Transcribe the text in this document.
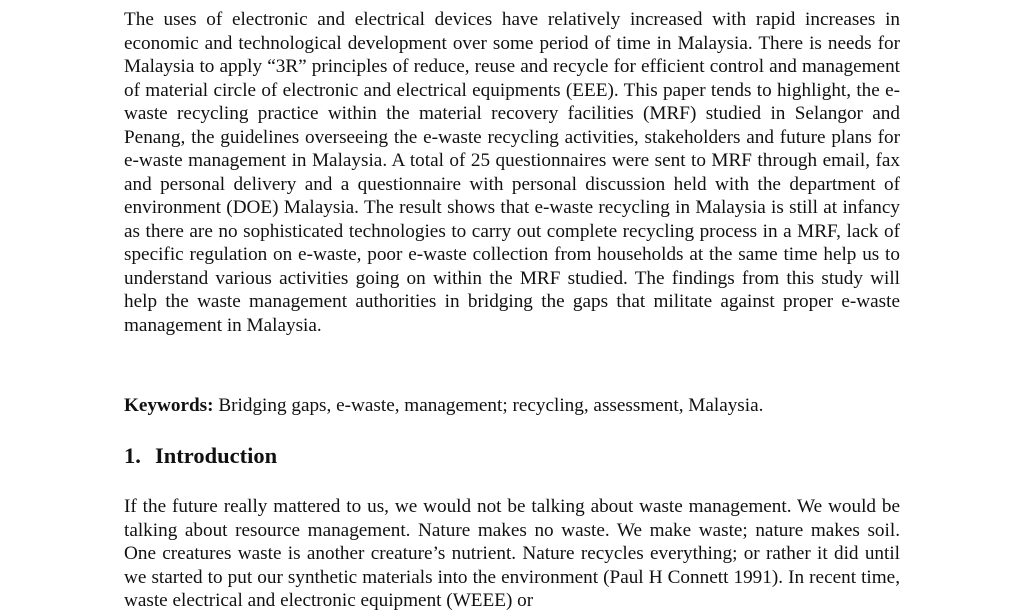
The uses of electronic and electrical devices have relatively increased with rapid increases in economic and technological development over some period of time in Malaysia. There is needs for Malaysia to apply “3R” principles of reduce, reuse and recycle for efficient control and management of material circle of electronic and electrical equipments (EEE). This paper tends to highlight, the e-waste recycling practice within the material recovery facilities (MRF) studied in Selangor and Penang, the guidelines overseeing the e-waste recycling activities, stakeholders and future plans for e-waste management in Malaysia. A total of 25 questionnaires were sent to MRF through email, fax and personal delivery and a questionnaire with personal discussion held with the department of environment (DOE) Malaysia. The result shows that e-waste recycling in Malaysia is still at infancy as there are no sophisticated technologies to carry out complete recycling process in a MRF, lack of specific regulation on e-waste, poor e-waste collection from households at the same time help us to understand various activities going on within the MRF studied. The findings from this study will help the waste management authorities in bridging the gaps that militate against proper e-waste management in Malaysia.

Keywords: Bridging gaps, e-waste, management; recycling, assessment, Malaysia.

1. Introduction

If the future really mattered to us, we would not be talking about waste management. We would be talking about resource management. Nature makes no waste. We make waste; nature makes soil. One creatures waste is another creature’s nutrient. Nature recycles everything; or rather it did until we started to put our synthetic materials into the environment (Paul H Connett 1991). In recent time, waste electrical and electronic equipment (WEEE) or
